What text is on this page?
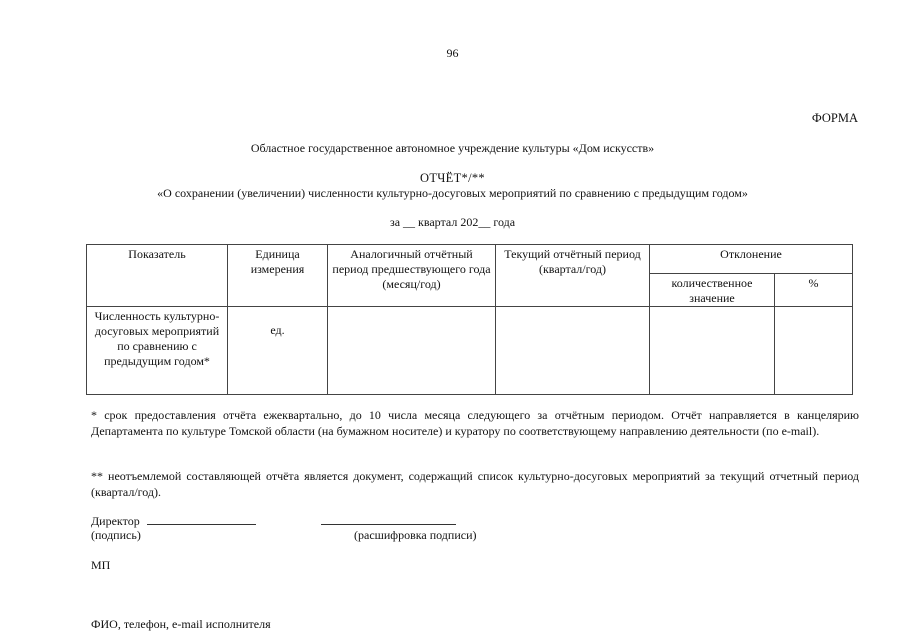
96
ФОРМА
Областное государственное автономное учреждение культуры «Дом искусств»
ОТЧЁТ*/**
«О сохранении (увеличении) численности культурно-досуговых мероприятий по сравнению с предыдущим годом»
за __ квартал 202__ года
Показатель	Единица измерения	Аналогичный отчётный период предшествующего года (месяц/год)	Текущий отчётный период (квартал/год)	Отклонение	
				количественное значение	%
Численность культурно-досуговых мероприятий по сравнению с предыдущим годом*	ед.				
* срок предоставления отчёта ежеквартально, до 10 числа месяца следующего за отчётным периодом. Отчёт направляется в канцелярию Департамента по культуре Томской области (на бумажном носителе) и куратору по соответствующему направлению деятельности (по e-mail).
** неотъемлемой составляющей отчёта является документ, содержащий список культурно-досуговых мероприятий за текущий отчетный период (квартал/год).
Директор
(подпись)	(расшифровка подписи)
МП
ФИО, телефон, e-mail исполнителя
